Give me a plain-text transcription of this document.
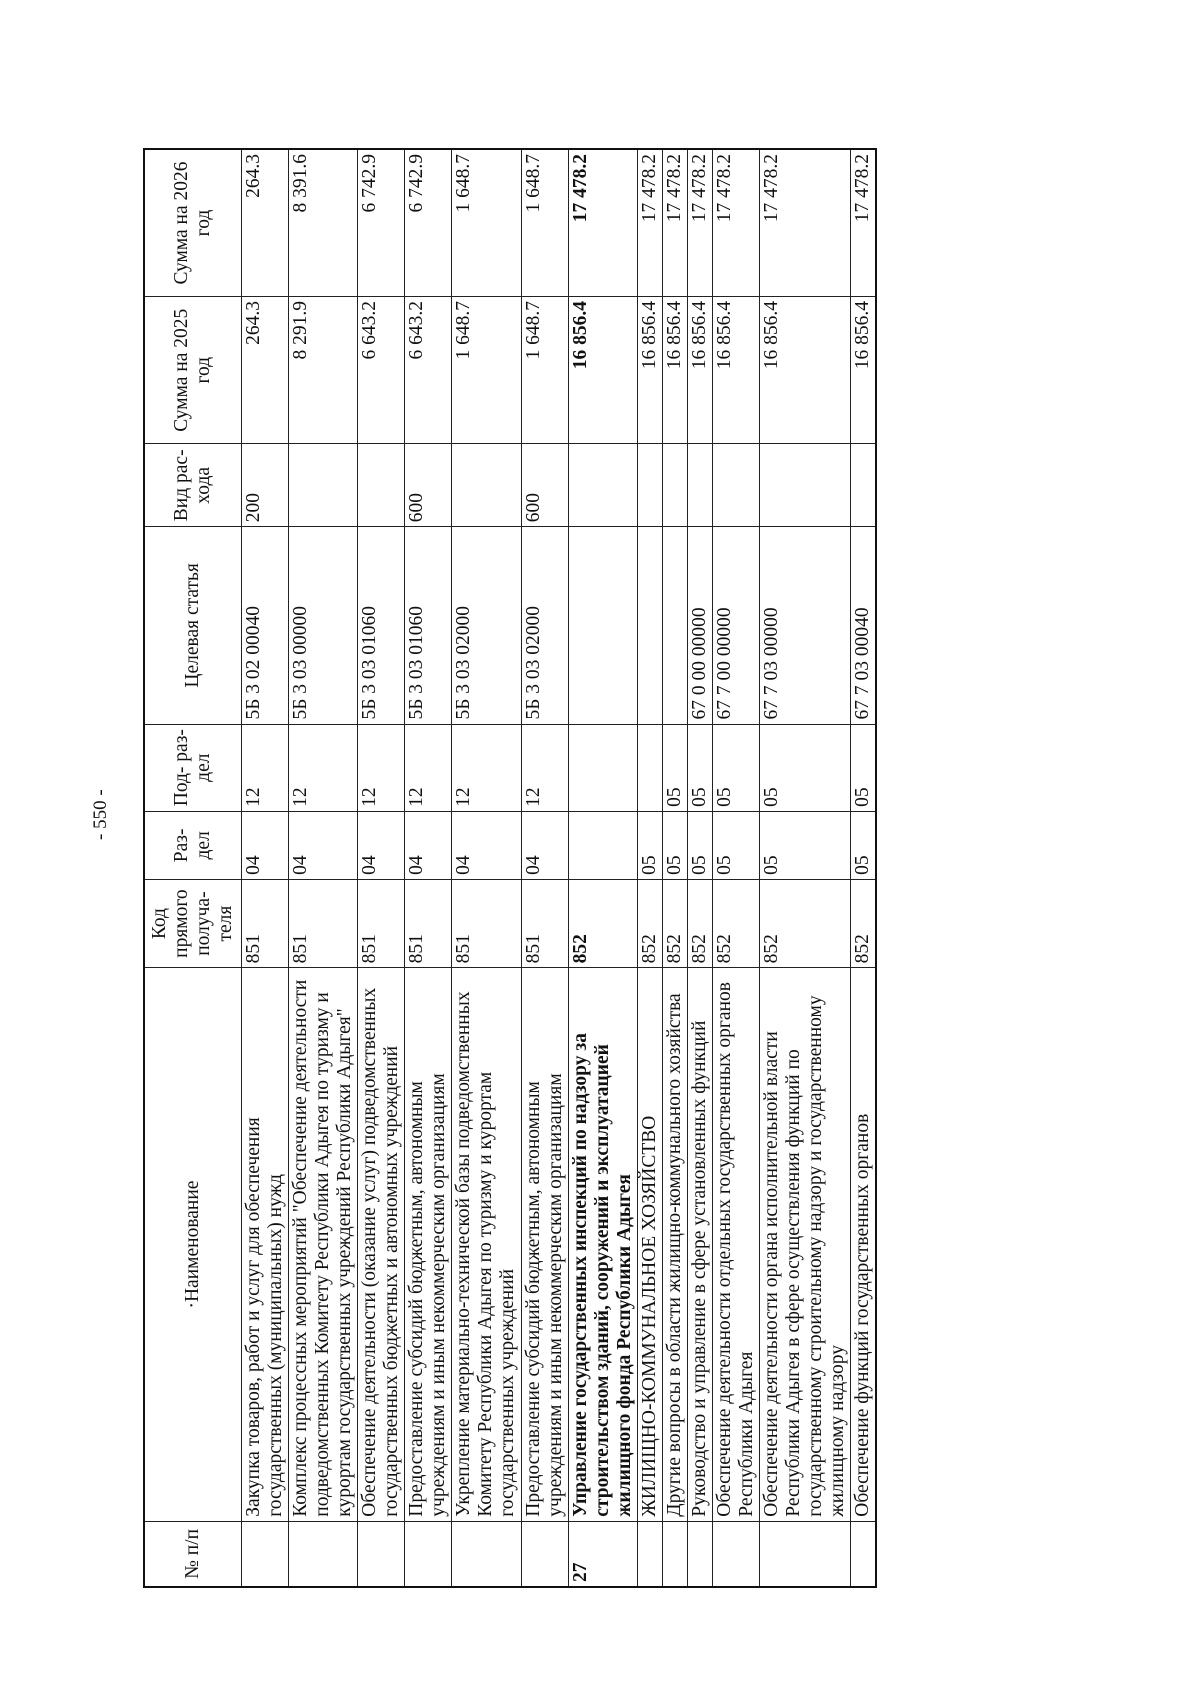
- 550 -
№ п/п	·Наименование	Код прямого получа- теля	Раз- дел	Под- раз- дел	Целевая статья	Вид рас- хода	Сумма на 2025 год	Сумма на 2026 год
	Закупка товаров, работ и услуг для обеспечения государственных (муниципальных) нужд	851	04	12	5Б 3 02 00040	200	264.3	264.3
	Комплекс процессных мероприятий "Обеспечение деятельности подведомственных Комитету Республики Адыгея по туризму и курортам государственных учреждений Республики Адыгея"	851	04	12	5Б 3 03 00000		8 291.9	8 391.6
	Обеспечение деятельности (оказание услуг) подведомственных государственных бюджетных и автономных учреждений	851	04	12	5Б 3 03 01060		6 643.2	6 742.9
	Предоставление субсидий бюджетным, автономным учреждениям и иным некоммерческим организациям	851	04	12	5Б 3 03 01060	600	6 643.2	6 742.9
	Укрепление материально-технической базы подведомственных Комитету Республики Адыгея по туризму и курортам государственных учреждений	851	04	12	5Б 3 03 02000		1 648.7	1 648.7
	Предоставление субсидий бюджетным, автономным учреждениям и иным некоммерческим организациям	851	04	12	5Б 3 03 02000	600	1 648.7	1 648.7
27	Управление государственных инспекций по надзору за строительством зданий, сооружений и эксплуатацией жилищного фонда Республики Адыгея	852					16 856.4	17 478.2
	ЖИЛИЩНО-КОММУНАЛЬНОЕ ХОЗЯЙСТВО	852	05				16 856.4	17 478.2
	Другие вопросы в области жилищно-коммунального хозяйства	852	05	05			16 856.4	17 478.2
	Руководство и управление в сфере установленных функций	852	05	05	67 0 00 00000		16 856.4	17 478.2
	Обеспечение деятельности отдельных государственных органов Республики Адыгея	852	05	05	67 7 00 00000		16 856.4	17 478.2
	Обеспечение деятельности органа исполнительной власти Республики Адыгея в сфере осуществления функций по государственному строительному надзору и государственному жилищному надзору	852	05	05	67 7 03 00000		16 856.4	17 478.2
	Обеспечение функций государственных органов	852	05	05	67 7 03 00040		16 856.4	17 478.2
